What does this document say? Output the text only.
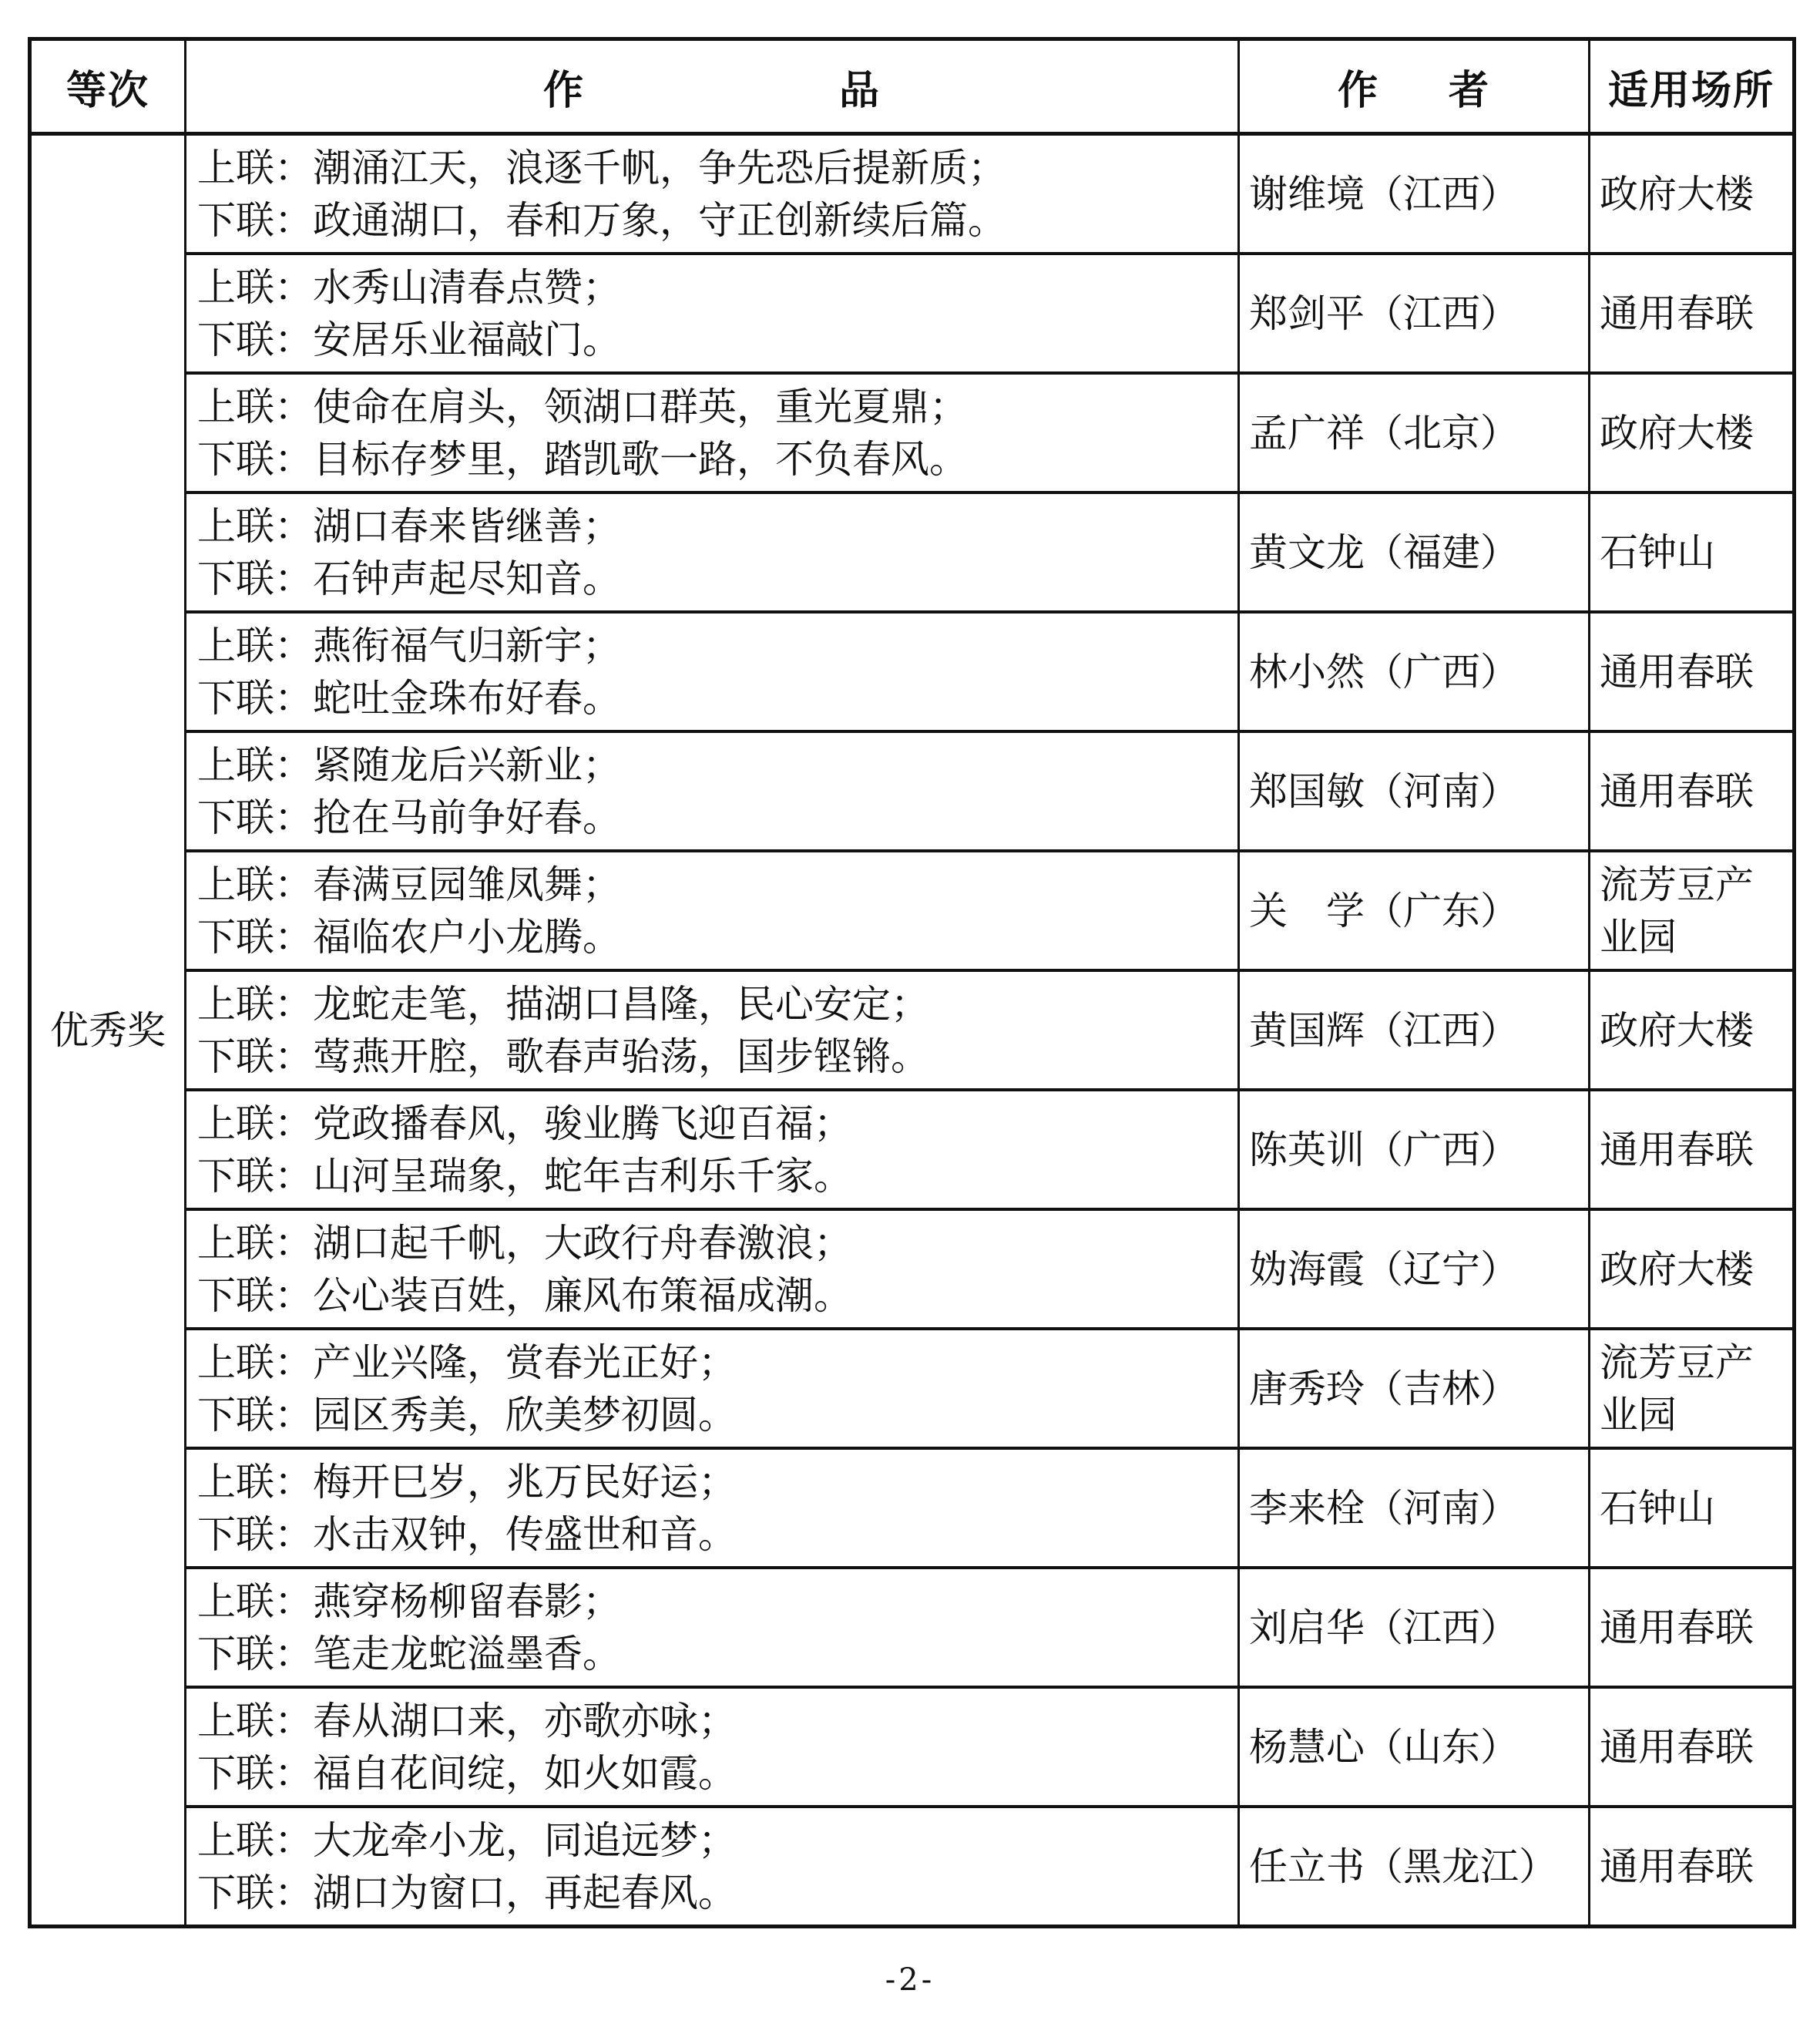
等次	作 品	作 者	适用场所
优秀奖	上联：潮涌江天，浪逐千帆，争先恐后提新质；
下联：政通湖口，春和万象，守正创新续后篇。	谢维境（江西）	政府大楼

	上联：水秀山清春点赞；
下联：安居乐业福敲门。	郑剑平（江西）	通用春联

	上联：使命在肩头，领湖口群英，重光夏鼎；
下联：目标存梦里，踏凯歌一路，不负春风。	孟广祥（北京）	政府大楼

	上联：湖口春来皆继善；
下联：石钟声起尽知音。	黄文龙（福建）	石钟山

	上联：燕衔福气归新宇；
下联：蛇吐金珠布好春。	林小然（广西）	通用春联

	上联：紧随龙后兴新业；
下联：抢在马前争好春。	郑国敏（河南）	通用春联

	上联：春满豆园雏凤舞；
下联：福临农户小龙腾。	关　学（广东）	流芳豆产业园

	上联：龙蛇走笔，描湖口昌隆，民心安定；
下联：莺燕开腔，歌春声骀荡，国步铿锵。	黄国辉（江西）	政府大楼

	上联：党政播春风，骏业腾飞迎百福；
下联：山河呈瑞象，蛇年吉利乐千家。	陈英训（广西）	通用春联

	上联：湖口起千帆，大政行舟春激浪；
下联：公心装百姓，廉风布策福成潮。	妫海霞（辽宁）	政府大楼

	上联：产业兴隆，赏春光正好；
下联：园区秀美，欣美梦初圆。	唐秀玲（吉林）	流芳豆产业园

	上联：梅开巳岁，兆万民好运；
下联：水击双钟，传盛世和音。	李来栓（河南）	石钟山

	上联：燕穿杨柳留春影；
下联：笔走龙蛇溢墨香。	刘启华（江西）	通用春联

	上联：春从湖口来，亦歌亦咏；
下联：福自花间绽，如火如霞。	杨慧心（山东）	通用春联

	上联：大龙牵小龙，同追远梦；
下联：湖口为窗口，再起春风。	任立书（黑龙江）	通用春联
-2-
